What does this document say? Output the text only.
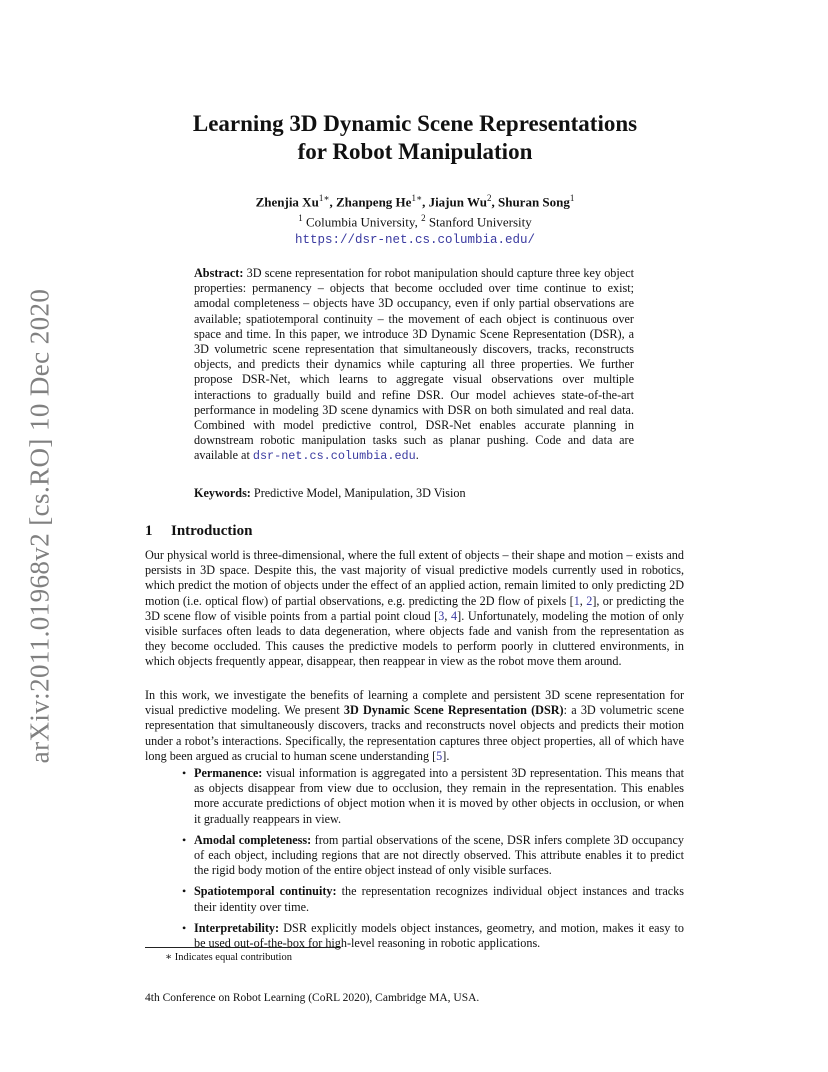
arXiv:2011.01968v2 [cs.RO] 10 Dec 2020
Learning 3D Dynamic Scene Representations
for Robot Manipulation
Zhenjia $Xu^{1∗}$, Zhanpeng $He^{1∗}$, Jiajun Wu$^2$, Shuran Song$^1$
$^1$ Columbia University, $^2$ Stanford University
https://dsr-net.cs.columbia.edu/
Abstract: 3D scene representation for robot manipulation should capture three key object properties: permanency – objects that become occluded over time continue to exist; amodal completeness – objects have 3D occupancy, even if only partial observations are available; spatiotemporal continuity – the movement of each object is continuous over space and time. In this paper, we introduce 3D Dynamic Scene Representation (DSR), a 3D volumetric scene representation that simultaneously discovers, tracks, reconstructs objects, and predicts their dynamics while capturing all three properties. We further propose DSR-Net, which learns to aggregate visual observations over multiple interactions to gradually build and refine DSR. Our model achieves state-of-the-art performance in modeling 3D scene dynamics with DSR on both simulated and real data. Combined with model predictive control, DSR-Net enables accurate planning in downstream robotic manipulation tasks such as planar pushing. Code and data are available at dsr-net.cs.columbia.edu.
Keywords: Predictive Model, Manipulation, 3D Vision
1 Introduction
Our physical world is three-dimensional, where the full extent of objects – their shape and motion – exists and persists in 3D space. Despite this, the vast majority of visual predictive models currently used in robotics, which predict the motion of objects under the effect of an applied action, remain limited to only predicting 2D motion (i.e. optical flow) of partial observations, e.g. predicting the 2D flow of pixels [1, 2], or predicting the 3D scene flow of visible points from a partial point cloud [3, 4]. Unfortunately, modeling the motion of only visible surfaces often leads to data degeneration, where objects fade and vanish from the representation as they become occluded. This causes the predictive models to perform poorly in cluttered environments, in which objects frequently appear, disappear, then reappear in view as the robot move them around.
In this work, we investigate the benefits of learning a complete and persistent 3D scene representation for visual predictive modeling. We present 3D Dynamic Scene Representation (DSR): a 3D volumetric scene representation that simultaneously discovers, tracks and reconstructs novel objects and predicts their motion under a robot’s interactions. Specifically, the representation captures three object properties, all of which have long been argued as crucial to human scene understanding [5].
• Permanence: visual information is aggregated into a persistent 3D representation. This means that as objects disappear from view due to occlusion, they remain in the representation. This enables more accurate predictions of object motion when it is moved by other objects in occlusion, or when it gradually reappears in view.
• Amodal completeness: from partial observations of the scene, DSR infers complete 3D occupancy of each object, including regions that are not directly observed. This attribute enables it to predict the rigid body motion of the entire object instead of only visible surfaces.
• Spatiotemporal continuity: the representation recognizes individual object instances and tracks their identity over time.
• Interpretability: DSR explicitly models object instances, geometry, and motion, makes it easy to be used out-of-the-box for high-level reasoning in robotic applications.
∗ Indicates equal contribution
4th Conference on Robot Learning (CoRL 2020), Cambridge MA, USA.
